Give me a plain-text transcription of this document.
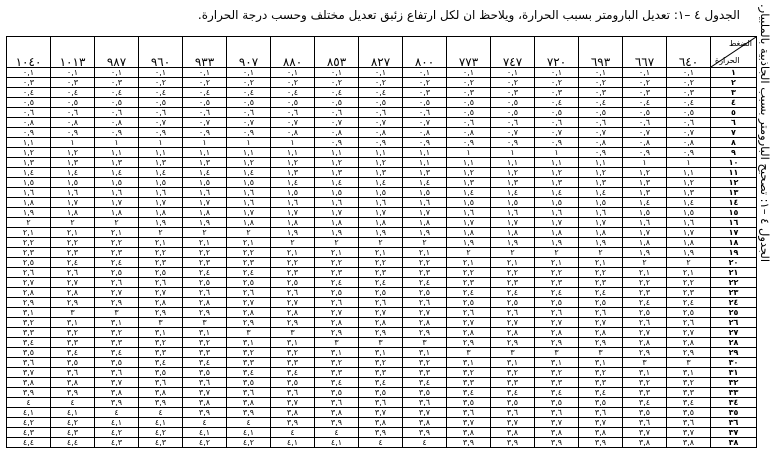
الجدول ٤ –١: تعديل البارومتر بسبب الحرارة، ويلاحظ ان لكل ارتفاع زئبق تعديل مختلف وحسب درجة الحرارة.	الجدول ٤ –١: تصحيح البارومتر بسبب الجاذبية بالملبيار.
الضغط
الحرارة	٦٤٠	٦٦٧	٦٩٣	٧٢٠	٧٤٧	٧٧٣	٨٠٠	٨٢٧	٨٥٣	٨٨٠	٩٠٧	٩٣٣	٩٦٠	٩٨٧	١٠١٣	١٠٤٠
١	٠,١	٠,١	٠,١	٠,١	٠,١	٠,١	٠,١	٠,١	٠,١	٠,١	٠,١	٠,١	٠,١	٠,١	٠,١	٠,١
٢	٠,٢	٠,٢	٠,٢	٠,٢	٠,٢	٠,٢	٠,٢	٠,٢	٠,٢	٠,٢	٠,٢	٠,٢	٠,٢	٠,٣	٠,٣	٠,٣
٣	٠,٣	٠,٣	٠,٣	٠,٣	٠,٣	٠,٣	٠,٣	٠,٤	٠,٤	٠,٤	٠,٤	٠,٤	٠,٤	٠,٤	٠,٤	٠,٤
٤	٠,٤	٠,٤	٠,٤	٠,٤	٠,٥	٠,٥	٠,٥	٠,٥	٠,٥	٠,٥	٠,٥	٠,٥	٠,٥	٠,٥	٠,٥	٠,٥
٥	٠,٥	٠,٥	٠,٥	٠,٥	٠,٥	٠,٥	٠,٦	٠,٦	٠,٦	٠,٦	٠,٦	٠,٦	٠,٦	٠,٦	٠,٦	٠,٦
٦	٠,٦	٠,٦	٠,٦	٠,٦	٠,٦	٠,٦	٠,٧	٠,٧	٠,٧	٠,٧	٠,٧	٠,٧	٠,٧	٠,٨	٠,٨	٠,٨
٧	٠,٧	٠,٧	٠,٧	٠,٧	٠,٧	٠,٨	٠,٨	٠,٨	٠,٨	٠,٨	٠,٩	٠,٩	٠,٩	٠,٩	٠,٩	٠,٩
٨	٠,٨	٠,٨	٠,٨	٠,٩	٠,٩	٠,٩	٠,٩	٠,٩	٠,٩	١	١	١	١	١	١	١,١
٩	٠,٩	٠,٩	٠,٩	١	١	١	١,١	١,١	١,١	١,١	١,١	١,١	١,١	١,١	١,٢	١,٢
١٠	١	١	١,١	١,١	١,١	١,١	١,١	١,٢	١,٢	١,٢	١,٢	١,٣	١,٣	١,٣	١,٣	١,٣
١١	١,١	١,٢	١,٢	١,٢	١,٢	١,٢	١,٣	١,٣	١,٣	١,٣	١,٤	١,٤	١,٤	١,٤	١,٤	١,٤
١٢	١,٢	١,٣	١,٣	١,٣	١,٣	١,٣	١,٤	١,٤	١,٤	١,٤	١,٥	١,٥	١,٥	١,٥	١,٥	١,٥
١٣	١,٣	١,٣	١,٤	١,٤	١,٤	١,٤	١,٥	١,٥	١,٥	١,٥	١,٦	١,٦	١,٦	١,٦	١,٦	١,٦
١٤	١,٤	١,٤	١,٥	١,٥	١,٥	١,٥	١,٦	١,٦	١,٦	١,٦	١,٦	١,٧	١,٧	١,٧	١,٧	١,٨
١٥	١,٥	١,٥	١,٦	١,٦	١,٦	١,٦	١,٧	١,٧	١,٧	١,٧	١,٧	١,٨	١,٨	١,٨	١,٨	١,٩
١٦	١,٦	١,٦	١,٧	١,٧	١,٧	١,٧	١,٨	١,٨	١,٨	١,٨	١,٨	١,٩	١,٩	٢	٢	٢
١٧	١,٧	١,٧	١,٨	١,٨	١,٨	١,٨	١,٩	١,٩	١,٩	١,٩	٢	٢	٢	٢,١	٢,١	٢,١
١٨	١,٨	١,٨	١,٩	١,٩	١,٩	١,٩	٢	٢	٢	٢	٢,١	٢,١	٢,١	٢,٢	٢,٢	٢,٢
١٩	١,٩	١,٩	٢	٢	٢	٢	٢,١	٢,١	٢,١	٢,١	٢,٢	٢,٢	٢,٢	٢,٣	٢,٣	٢,٣
٢٠	٢	٢	٢,١	٢,١	٢,١	٢,١	٢,٢	٢,٢	٢,٢	٢,٢	٢,٣	٢,٣	٢,٣	٢,٤	٢,٤	٢,٥
٢١	٢,١	٢,١	٢,٢	٢,٢	٢,٢	٢,٢	٢,٣	٢,٣	٢,٣	٢,٣	٢,٤	٢,٤	٢,٥	٢,٥	٢,٦	٢,٦
٢٢	٢,٢	٢,٢	٢,٣	٢,٣	٢,٣	٢,٣	٢,٤	٢,٤	٢,٤	٢,٥	٢,٥	٢,٥	٢,٦	٢,٦	٢,٧	٢,٧
٢٣	٢,٣	٢,٣	٢,٤	٢,٤	٢,٤	٢,٤	٢,٥	٢,٥	٢,٥	٢,٦	٢,٦	٢,٦	٢,٧	٢,٧	٢,٨	٢,٨
٢٤	٢,٤	٢,٤	٢,٥	٢,٥	٢,٥	٢,٥	٢,٦	٢,٦	٢,٦	٢,٧	٢,٧	٢,٨	٢,٨	٢,٩	٢,٩	٢,٩
٢٥	٢,٥	٢,٥	٢,٦	٢,٦	٢,٦	٢,٦	٢,٧	٢,٧	٢,٧	٢,٨	٢,٨	٢,٩	٢,٩	٣	٣	٣,١
٢٦	٢,٦	٢,٦	٢,٧	٢,٧	٢,٧	٢,٧	٢,٨	٢,٨	٢,٨	٢,٩	٢,٩	٣	٣	٣,١	٣,١	٣,٢
٢٧	٢,٧	٢,٧	٢,٨	٢,٨	٢,٨	٢,٨	٢,٩	٢,٩	٢,٩	٣	٣	٣,١	٣,١	٣,٢	٣,٢	٣,٣
٢٨	٢,٨	٢,٨	٢,٩	٢,٩	٢,٩	٢,٩	٣	٣	٣	٣,١	٣,١	٣,٢	٣,٢	٣,٣	٣,٣	٣,٤
٢٩	٢,٩	٢,٩	٣	٣	٣	٣	٣,١	٣,١	٣,١	٣,٢	٣,٢	٣,٣	٣,٣	٣,٤	٣,٤	٣,٥
٣٠	٣	٣	٣,١	٣,١	٣,١	٣,١	٣,٢	٣,٢	٣,٢	٣,٣	٣,٣	٣,٤	٣,٤	٣,٥	٣,٥	٣,٦
٣١	٣,١	٣,١	٣,٢	٣,٢	٣,٢	٣,٢	٣,٣	٣,٣	٣,٣	٣,٤	٣,٤	٣,٥	٣,٥	٣,٦	٣,٦	٣,٧
٣٢	٣,٢	٣,٢	٣,٣	٣,٣	٣,٣	٣,٣	٣,٤	٣,٤	٣,٤	٣,٥	٣,٥	٣,٦	٣,٦	٣,٧	٣,٨	٣,٨
٣٣	٣,٣	٣,٣	٣,٤	٣,٤	٣,٤	٣,٤	٣,٥	٣,٥	٣,٥	٣,٦	٣,٦	٣,٧	٣,٨	٣,٨	٣,٩	٣,٩
٣٤	٣,٤	٣,٤	٣,٥	٣,٥	٣,٥	٣,٥	٣,٦	٣,٦	٣,٦	٣,٧	٣,٨	٣,٨	٣,٩	٣,٩	٤	٤
٣٥	٣,٥	٣,٥	٣,٦	٣,٦	٣,٦	٣,٦	٣,٧	٣,٧	٣,٨	٣,٨	٣,٩	٣,٩	٤	٤	٤,١	٤,١
٣٦	٣,٦	٣,٦	٣,٧	٣,٧	٣,٧	٣,٧	٣,٨	٣,٨	٣,٩	٣,٩	٤	٤	٤,١	٤,١	٤,٢	٤,٢
٣٧	٣,٧	٣,٧	٣,٨	٣,٨	٣,٨	٣,٨	٣,٩	٣,٩	٤	٤	٤,١	٤,١	٤,٢	٤,٢	٤,٣	٤,٣
٣٨	٣,٨	٣,٨	٣,٩	٣,٩	٣,٩	٣,٩	٤	٤	٤,١	٤,١	٤,٢	٤,٢	٤,٣	٤,٣	٤,٤	٤,٤
